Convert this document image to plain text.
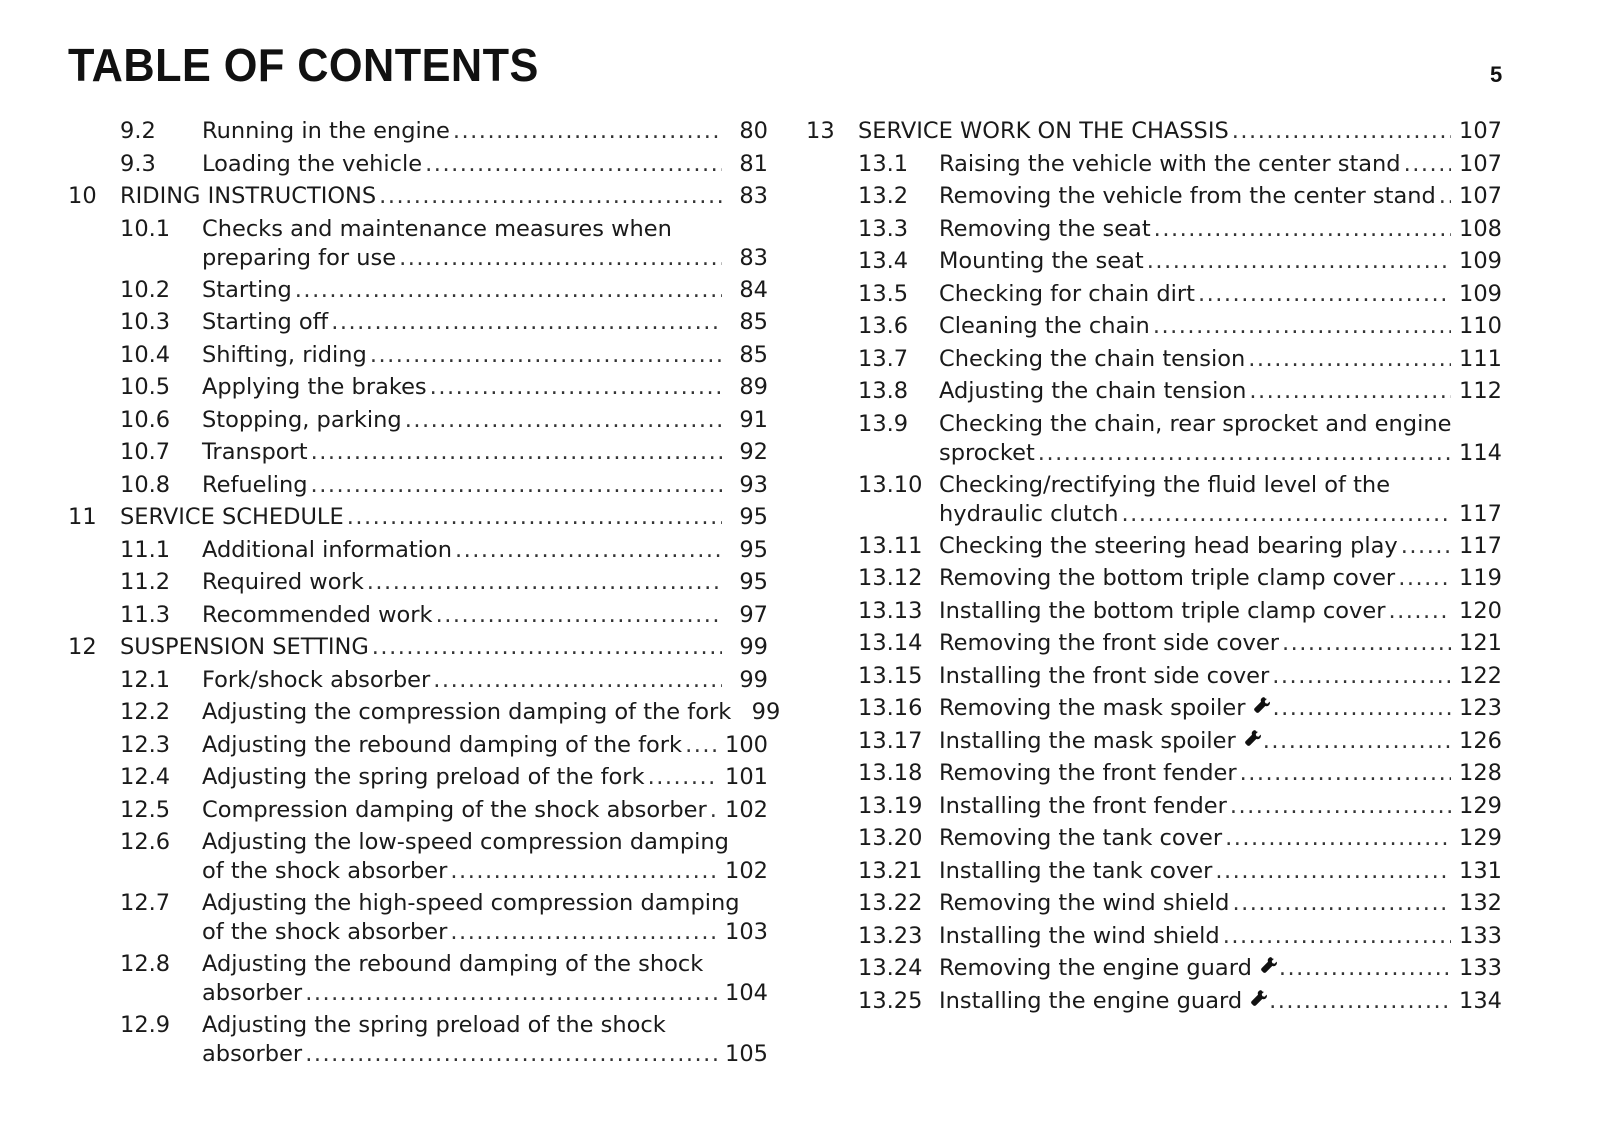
TABLE OF CONTENTS	5
9.2 Running in the engine .....	80
9.3 Loading the vehicle .....	81
10 RIDING INSTRUCTIONS .....	83
10.1 Checks and maintenance measures when
preparing for use .....	83
10.2 Starting .....	84
10.3 Starting off .....	85
10.4 Shifting, riding .....	85
10.5 Applying the brakes .....	89
10.6 Stopping, parking .....	91
10.7 Transport .....	92
10.8 Refueling .....	93
11 SERVICE SCHEDULE .....	95
11.1 Additional information .....	95
11.2 Required work .....	95
11.3 Recommended work .....	97
12 SUSPENSION SETTING .....	99
12.1 Fork/shock absorber .....	99
12.2 Adjusting the compression damping of the fork 99
12.3 Adjusting the rebound damping of the fork .....	100
12.4 Adjusting the spring preload of the fork .....	101
12.5 Compression damping of the shock absorber ..... 102
12.6 Adjusting the low-speed compression damping
of the shock absorber .....	102
12.7 Adjusting the high-speed compression damping
of the shock absorber .....	103
12.8 Adjusting the rebound damping of the shock
absorber .....	104
12.9 Adjusting the spring preload of the shock
absorber .....	105
13 SERVICE WORK ON THE CHASSIS .....	107
13.1 Raising the vehicle with the center stand .....	107
13.2 Removing the vehicle from the center stand .....	107
13.3 Removing the seat .....	108
13.4 Mounting the seat .....	109
13.5 Checking for chain dirt .....	109
13.6 Cleaning the chain .....	110
13.7 Checking the chain tension .....	111
13.8 Adjusting the chain tension .....	112
13.9 Checking the chain, rear sprocket and engine
sprocket .....	114
13.10 Checking/rectifying the fluid level of the
hydraulic clutch .....	117
13.11 Checking the steering head bearing play .....	117
13.12 Removing the bottom triple clamp cover .....	119
13.13 Installing the bottom triple clamp cover .....	120
13.14 Removing the front side cover .....	121
13.15 Installing the front side cover .....	122
13.16 Removing the mask spoiler .....	123
13.17 Installing the mask spoiler .....	126
13.18 Removing the front fender .....	128
13.19 Installing the front fender .....	129
13.20 Removing the tank cover .....	129
13.21 Installing the tank cover .....	131
13.22 Removing the wind shield .....	132
13.23 Installing the wind shield .....	133
13.24 Removing the engine guard .....	133
13.25 Installing the engine guard .....	134
